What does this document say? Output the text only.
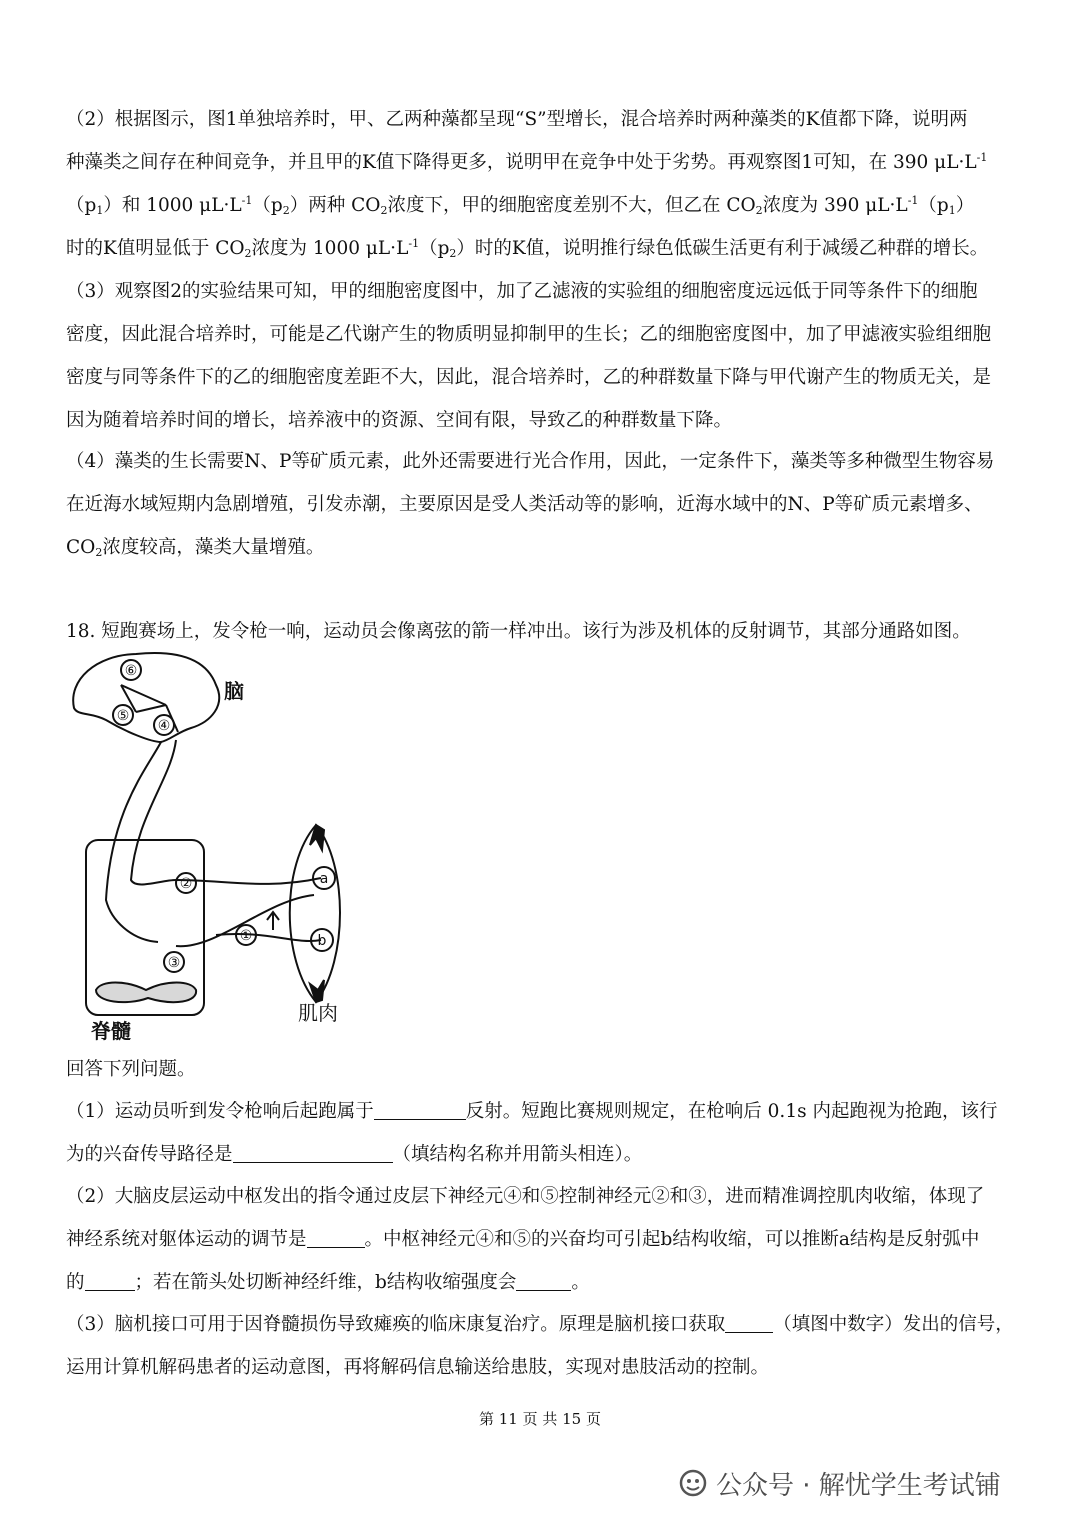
（2）根据图示，图1单独培养时，甲、乙两种藻都呈现“S”型增长，混合培养时两种藻类的K值都下降，说明两
种藻类之间存在种间竞争，并且甲的K值下降得更多，说明甲在竞争中处于劣势。再观察图1可知，在 390 $\mu L\cdot L^{-1}$
$(p_1)$和 1000 $\mu L\cdot L^{-1}(p_2)$两种 $CO_2$浓度下，甲的细胞密度差别不大，但乙在 $CO_2$浓度为 390 $\mu L\cdot L^{-1}(p_1)$
时的K值明显低于 $CO_2$浓度为 1000 $\mu L\cdot L^{-1}(p_2)$时的K值，说明推行绿色低碳生活更有利于减缓乙种群的增长。
（3）观察图2的实验结果可知，甲的细胞密度图中，加了乙滤液的实验组的细胞密度远远低于同等条件下的细胞
密度，因此混合培养时，可能是乙代谢产生的物质明显抑制甲的生长；乙的细胞密度图中，加了甲滤液实验组细胞
密度与同等条件下的乙的细胞密度差距不大，因此，混合培养时，乙的种群数量下降与甲代谢产生的物质无关，是
因为随着培养时间的增长，培养液中的资源、空间有限，导致乙的种群数量下降。
（4）藻类的生长需要N、P等矿质元素，此外还需要进行光合作用，因此，一定条件下，藻类等多种微型生物容易
在近海水域短期内急剧增殖，引发赤潮，主要原因是受人类活动等的影响，近海水域中的N、P等矿质元素增多、
$CO_2$浓度较高，藻类大量增殖。
18. 短跑赛场上，发令枪一响，运动员会像离弦的箭一样冲出。该行为涉及机体的反射调节，其部分通路如图。
⑥
⑤
④
②
①
③
a
b
脑
脊髓
肌肉
回答下列问题。
（1）运动员听到发令枪响后起跑属于	反射。短跑比赛规则规定，在枪响后 0.1s 内起跑视为抢跑，该行
为的兴奋传导路径是	（填结构名称并用箭头相连）。
（2）大脑皮层运动中枢发出的指令通过皮层下神经元④和⑤控制神经元②和③，进而精准调控肌肉收缩，体现了
神经系统对躯体运动的调节是	。中枢神经元④和⑤的兴奋均可引起b结构收缩，可以推断a结构是反射弧中
的	；若在箭头处切断神经纤维，b结构收缩强度会	。
（3）脑机接口可用于因脊髓损伤导致瘫痪的临床康复治疗。原理是脑机接口获取	（填图中数字）发出的信号，
运用计算机解码患者的运动意图，再将解码信息输送给患肢，实现对患肢活动的控制。
第 11 页 共 15 页
公众号 · 解忧学生考试铺
